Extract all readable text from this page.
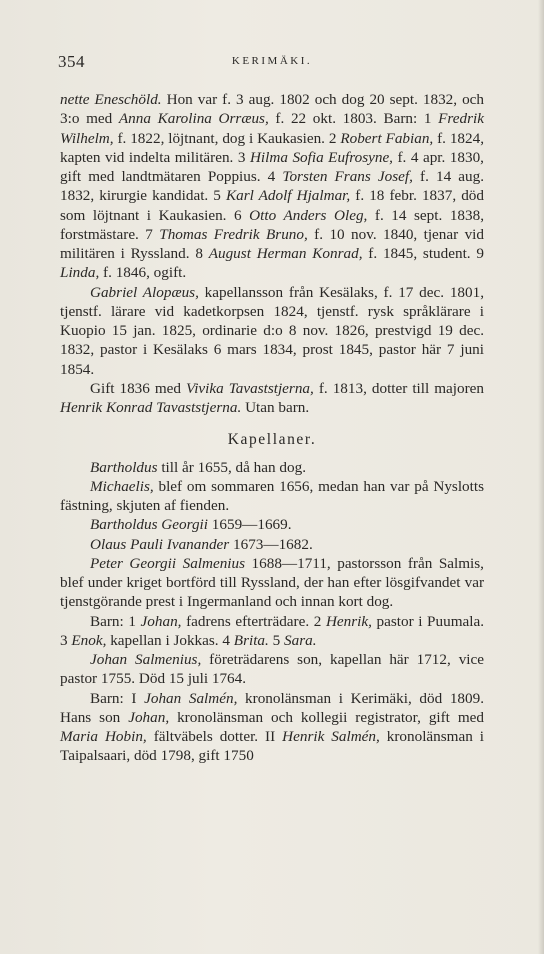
354	KERIMÄKI.

nette Eneschöld. Hon var f. 3 aug. 1802 och dog 20 sept. 1832, och 3:o med Anna Karolina Orræus, f. 22 okt. 1803. Barn: 1 Fredrik Wilhelm, f. 1822, löjtnant, dog i Kaukasien. 2 Robert Fabian, f. 1824, kapten vid indelta militären. 3 Hilma Sofia Eufrosyne, f. 4 apr. 1830, gift med landtmätaren Poppius. 4 Torsten Frans Josef, f. 14 aug. 1832, kirurgie kandidat. 5 Karl Adolf Hjalmar, f. 18 febr. 1837, död som löjtnant i Kaukasien. 6 Otto Anders Oleg, f. 14 sept. 1838, forstmästare. 7 Thomas Fredrik Bruno, f. 10 nov. 1840, tjenar vid militären i Ryssland. 8 August Herman Konrad, f. 1845, student. 9 Linda, f. 1846, ogift.

Gabriel Alopæus, kapellansson från Kesälaks, f. 17 dec. 1801, tjenstf. lärare vid kadetkorpsen 1824, tjenstf. rysk språklärare i Kuopio 15 jan. 1825, ordinarie d:o 8 nov. 1826, prestvigd 19 dec. 1832, pastor i Kesälaks 6 mars 1834, prost 1845, pastor här 7 juni 1854.

Gift 1836 med Vivika Tavaststjerna, f. 1813, dotter till majoren Henrik Konrad Tavaststjerna. Utan barn.

Kapellaner.

Bartholdus till år 1655, då han dog.

Michaelis, blef om sommaren 1656, medan han var på Nyslotts fästning, skjuten af fienden.

Bartholdus Georgii 1659—1669.

Olaus Pauli Ivanander 1673—1682.

Peter Georgii Salmenius 1688—1711, pastorsson från Salmis, blef under kriget bortförd till Ryssland, der han efter lösgifvandet var tjenstgörande prest i Ingermanland och innan kort dog.

Barn: 1 Johan, fadrens efterträdare. 2 Henrik, pastor i Puumala. 3 Enok, kapellan i Jokkas. 4 Brita. 5 Sara.

Johan Salmenius, företrädarens son, kapellan här 1712, vice pastor 1755. Död 15 juli 1764.

Barn: I Johan Salmén, kronolänsman i Kerimäki, död 1809. Hans son Johan, kronolänsman och kollegii registrator, gift med Maria Hobin, fältväbels dotter. II Henrik Salmén, kronolänsman i Taipalsaari, död 1798, gift 1750
